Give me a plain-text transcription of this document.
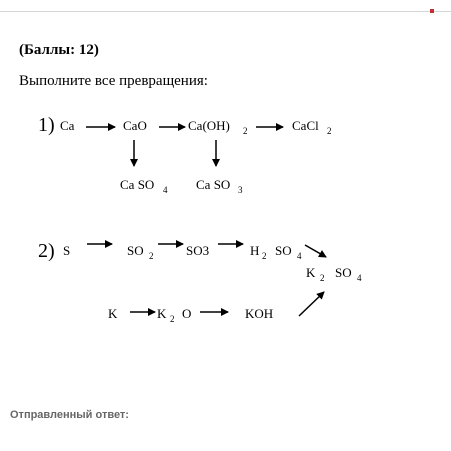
(Баллы: 12)
Выполните все превращения:
1) Ca	CaO	Ca(OH) 2	CaCl 2
Ca SO 4 Ca SO 3
2) S	SO 2	SO3	H 2 SO 4
K 2 SO 4
K	K 2 O	KOH
Отправленный ответ:
